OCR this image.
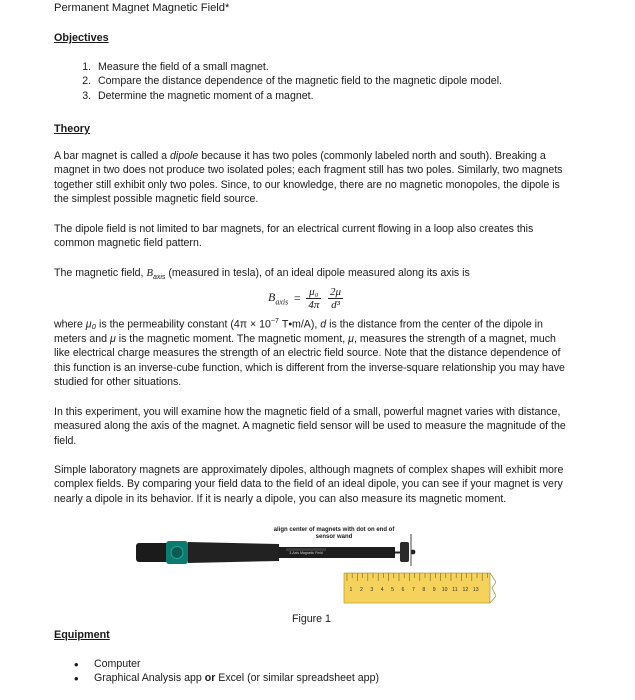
Permanent Magnet Magnetic Field*
Objectives
1. Measure the field of a small magnet.
2. Compare the distance dependence of the magnetic field to the magnetic dipole model.
3. Determine the magnetic moment of a magnet.
Theory
A bar magnet is called a dipole because it has two poles (commonly labeled north and south). Breaking a magnet in two does not produce two isolated poles; each fragment still has two poles. Similarly, two magnets together still exhibit only two poles. Since, to our knowledge, there are no magnetic monopoles, the dipole is the simplest possible magnetic field source.
The dipole field is not limited to bar magnets, for an electrical current flowing in a loop also creates this common magnetic field pattern.
The magnetic field, $B_{axis}$ (measured in tesla), of an ideal dipole measured along its axis is
$B_{axis} = \frac{\text{μ₀}}{4\pi}$
$\frac{2\mu}{\text{d³}}$
where μ₀ is the permeability constant ($4\pi \times 10^{-7}$ T•m/A), d is the distance from the center of the dipole in meters and μ is the magnetic moment. The magnetic moment, μ, measures the strength of a magnet, much like electrical charge measures the strength of an electric field source. Note that the distance dependence of this function is an inverse-cube function, which is different from the inverse-square relationship you may have studied for other situations.
In this experiment, you will examine how the magnetic field of a small, powerful magnet varies with distance, measured along the axis of the magnet. A magnetic field sensor will be used to measure the magnitude of the field.
Simple laboratory magnets are approximately dipoles, although magnets of complex shapes will exhibit more complex fields. By comparing your field data to the field of an ideal dipole, you can see if your magnet is very nearly a dipole in its behavior. If it is nearly a dipole, you can also measure its magnetic moment.
align center of magnets with dot on end of sensor wand
3-Axis Magnetic Field
1 2 3 4 5 6 7 8 9 10 11 12 13
Figure 1
Equipment
• Computer
• Graphical Analysis app or Excel (or similar spreadsheet app)
